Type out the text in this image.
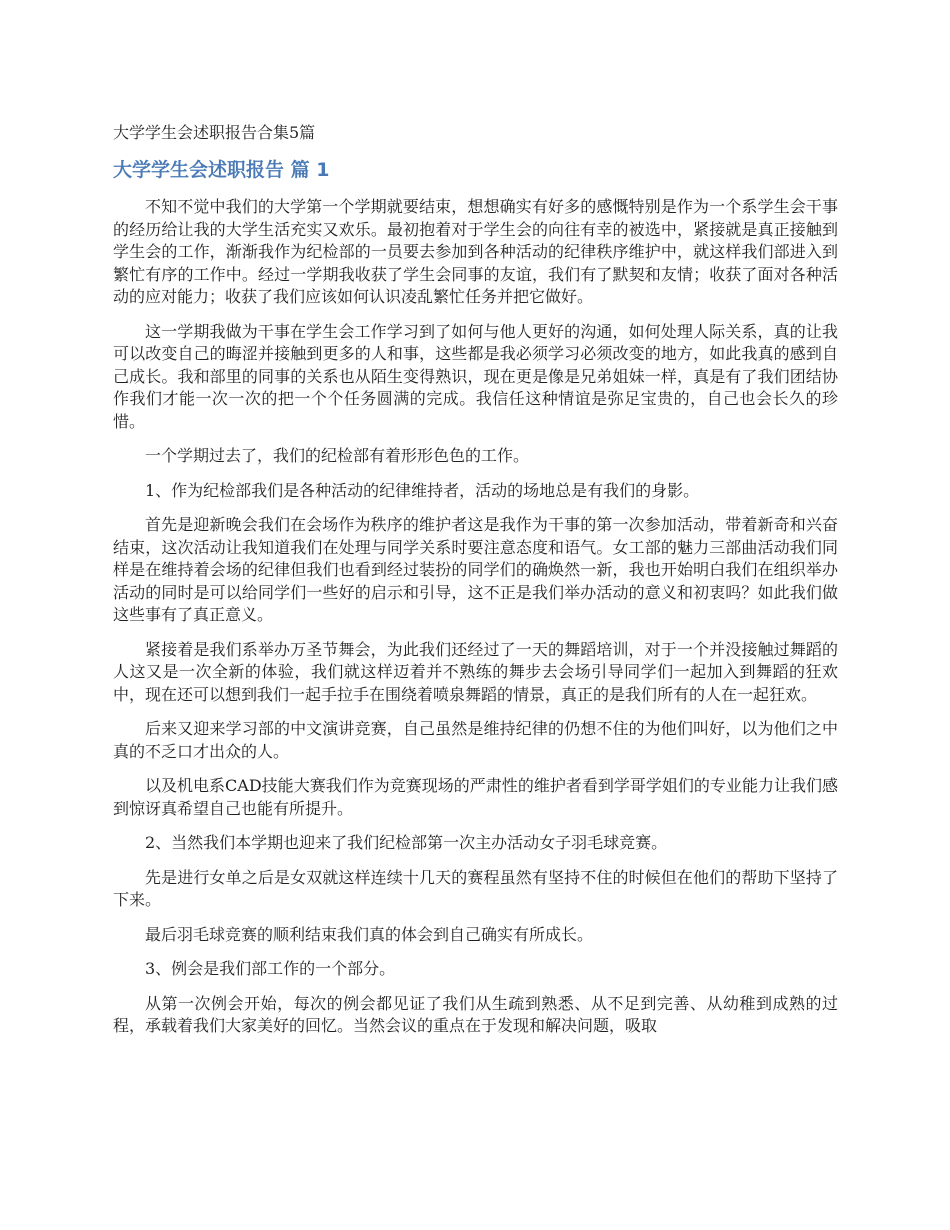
大学学生会述职报告合集5篇
大学学生会述职报告 篇 1

不知不觉中我们的大学第一个学期就要结束，想想确实有好多的感慨特别是作为一个系学生会干事的经历给让我的大学生活充实又欢乐。最初抱着对于学生会的向往有幸的被选中，紧接就是真正接触到学生会的工作，渐渐我作为纪检部的一员要去参加到各种活动的纪律秩序维护中，就这样我们部进入到繁忙有序的工作中。经过一学期我收获了学生会同事的友谊，我们有了默契和友情；收获了面对各种活动的应对能力；收获了我们应该如何认识凌乱繁忙任务并把它做好。

这一学期我做为干事在学生会工作学习到了如何与他人更好的沟通，如何处理人际关系，真的让我可以改变自己的晦涩并接触到更多的人和事，这些都是我必须学习必须改变的地方，如此我真的感到自己成长。我和部里的同事的关系也从陌生变得熟识，现在更是像是兄弟姐妹一样，真是有了我们团结协作我们才能一次一次的把一个个任务圆满的完成。我信任这种情谊是弥足宝贵的，自己也会长久的珍惜。

一个学期过去了，我们的纪检部有着形形色色的工作。

1、作为纪检部我们是各种活动的纪律维持者，活动的场地总是有我们的身影。

首先是迎新晚会我们在会场作为秩序的维护者这是我作为干事的第一次参加活动，带着新奇和兴奋结束，这次活动让我知道我们在处理与同学关系时要注意态度和语气。女工部的魅力三部曲活动我们同样是在维持着会场的纪律但我们也看到经过装扮的同学们的确焕然一新，我也开始明白我们在组织举办活动的同时是可以给同学们一些好的启示和引导，这不正是我们举办活动的意义和初衷吗？如此我们做这些事有了真正意义。

紧接着是我们系举办万圣节舞会，为此我们还经过了一天的舞蹈培训，对于一个并没接触过舞蹈的人这又是一次全新的体验，我们就这样迈着并不熟练的舞步去会场引导同学们一起加入到舞蹈的狂欢中，现在还可以想到我们一起手拉手在围绕着喷泉舞蹈的情景，真正的是我们所有的人在一起狂欢。

后来又迎来学习部的中文演讲竞赛，自己虽然是维持纪律的仍想不住的为他们叫好，以为他们之中真的不乏口才出众的人。

以及机电系CAD技能大赛我们作为竞赛现场的严肃性的维护者看到学哥学姐们的专业能力让我们感到惊讶真希望自己也能有所提升。

2、当然我们本学期也迎来了我们纪检部第一次主办活动女子羽毛球竞赛。

先是进行女单之后是女双就这样连续十几天的赛程虽然有坚持不住的时候但在他们的帮助下坚持了下来。

最后羽毛球竞赛的顺利结束我们真的体会到自己确实有所成长。

3、例会是我们部工作的一个部分。

从第一次例会开始，每次的例会都见证了我们从生疏到熟悉、从不足到完善、从幼稚到成熟的过程，承载着我们大家美好的回忆。当然会议的重点在于发现和解决问题，吸取
